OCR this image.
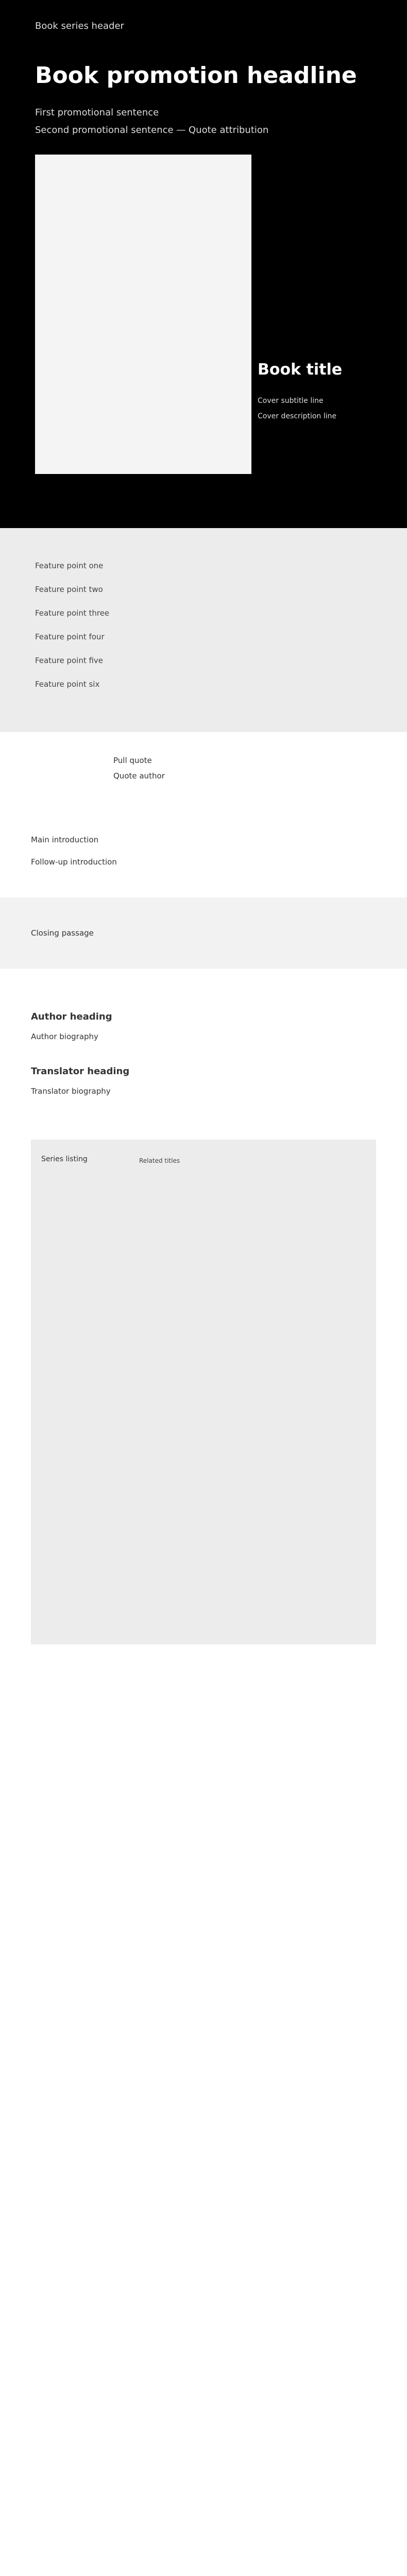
Book series header
Book promotion headline
First promotional sentence
Second promotional sentence — Quote attribution
Book title
Cover subtitle line
Cover description line
Feature point one
Feature point two
Feature point three
Feature point four
Feature point five
Feature point six
Pull quote
Quote author

Main introduction

Follow-up introduction

Closing passage

Author heading
Author biography
Translator heading
Translator biography
Series listing	Related titles
